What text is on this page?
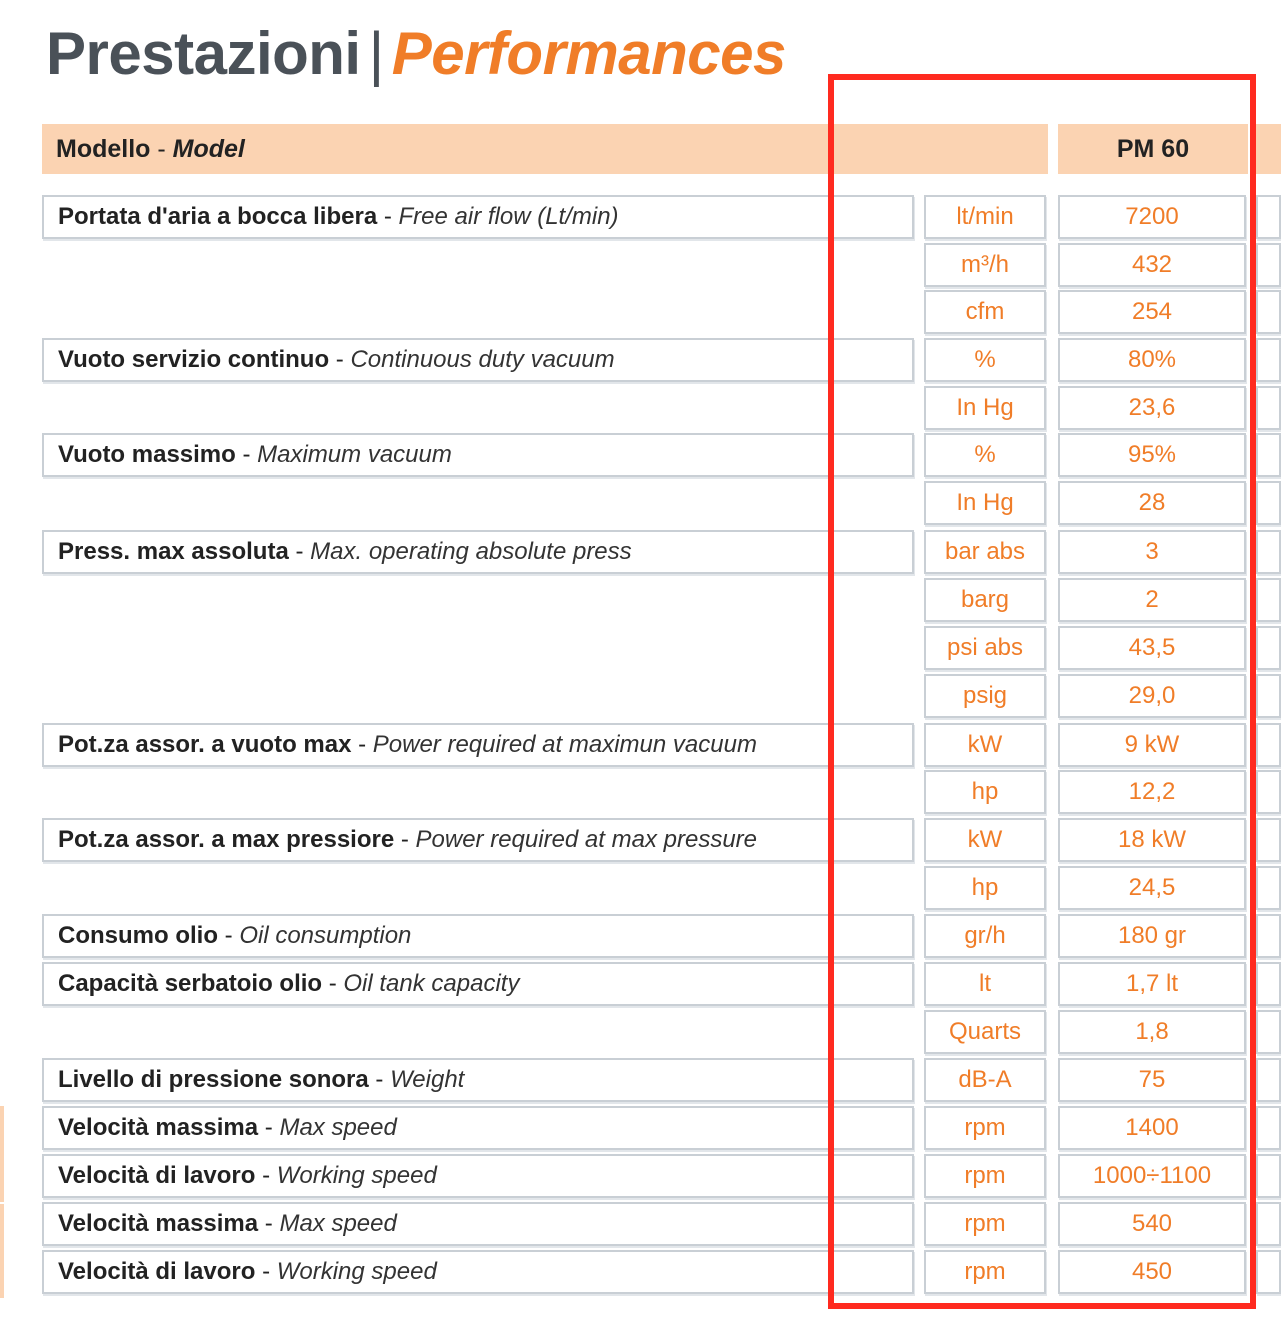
Prestazioni | Performances
Modello - Model	PM 60
Portata d'aria a bocca libera - Free air flow (Lt/min)	lt/min	7200
m³/h	432
cfm	254
Vuoto servizio continuo - Continuous duty vacuum	%	80%
In Hg	23,6
Vuoto massimo - Maximum vacuum	%	95%
In Hg	28
Press. max assoluta - Max. operating absolute press	bar abs	3
barg	2
psi abs	43,5
psig	29,0
Pot.za assor. a vuoto max - Power required at maximun vacuum	kW	9 kW
hp	12,2
Pot.za assor. a max pressiore - Power required at max pressure	kW	18 kW
hp	24,5
Consumo olio - Oil consumption	gr/h	180 gr
Capacità serbatoio olio - Oil tank capacity	lt	1,7 lt
Quarts	1,8
Livello di pressione sonora - Weight	dB-A	75
Velocità massima - Max speed	rpm	1400
Velocità di lavoro - Working speed	rpm	1000÷1100
Velocità massima - Max speed	rpm	540
Velocità di lavoro - Working speed	rpm	450
